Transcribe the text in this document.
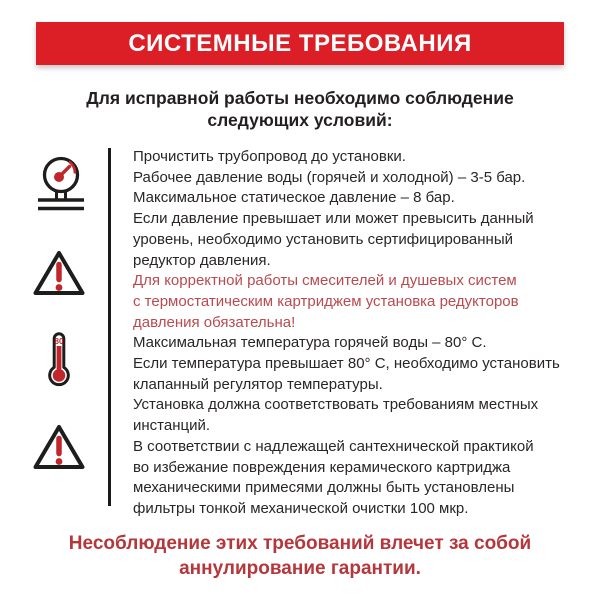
СИСТЕМНЫЕ ТРЕБОВАНИЯ
Для исправной работы необходимо соблюдение
следующих условий:
80
Прочистить трубопровод до установки.
Рабочее давление воды (горячей и холодной) – 3-5 бар.
Максимальное статическое давление – 8 бар.
Если давление превышает или может превысить данный
уровень, необходимо установить сертифицированный
редуктор давления.
Для корректной работы смесителей и душевых систем
с термостатическим картриджем установка редукторов
давления обязательна!
Максимальная температура горячей воды – 80° C.
Если температура превышает 80° C, необходимо установить
клапанный регулятор температуры.
Установка должна соответствовать требованиям местных
инстанций.
В соответствии с надлежащей сантехнической практикой
во избежание повреждения керамического картриджа
механическими примесями должны быть установлены
фильтры тонкой механической очистки 100 мкр.
Несоблюдение этих требований влечет за собой
аннулирование гарантии.
